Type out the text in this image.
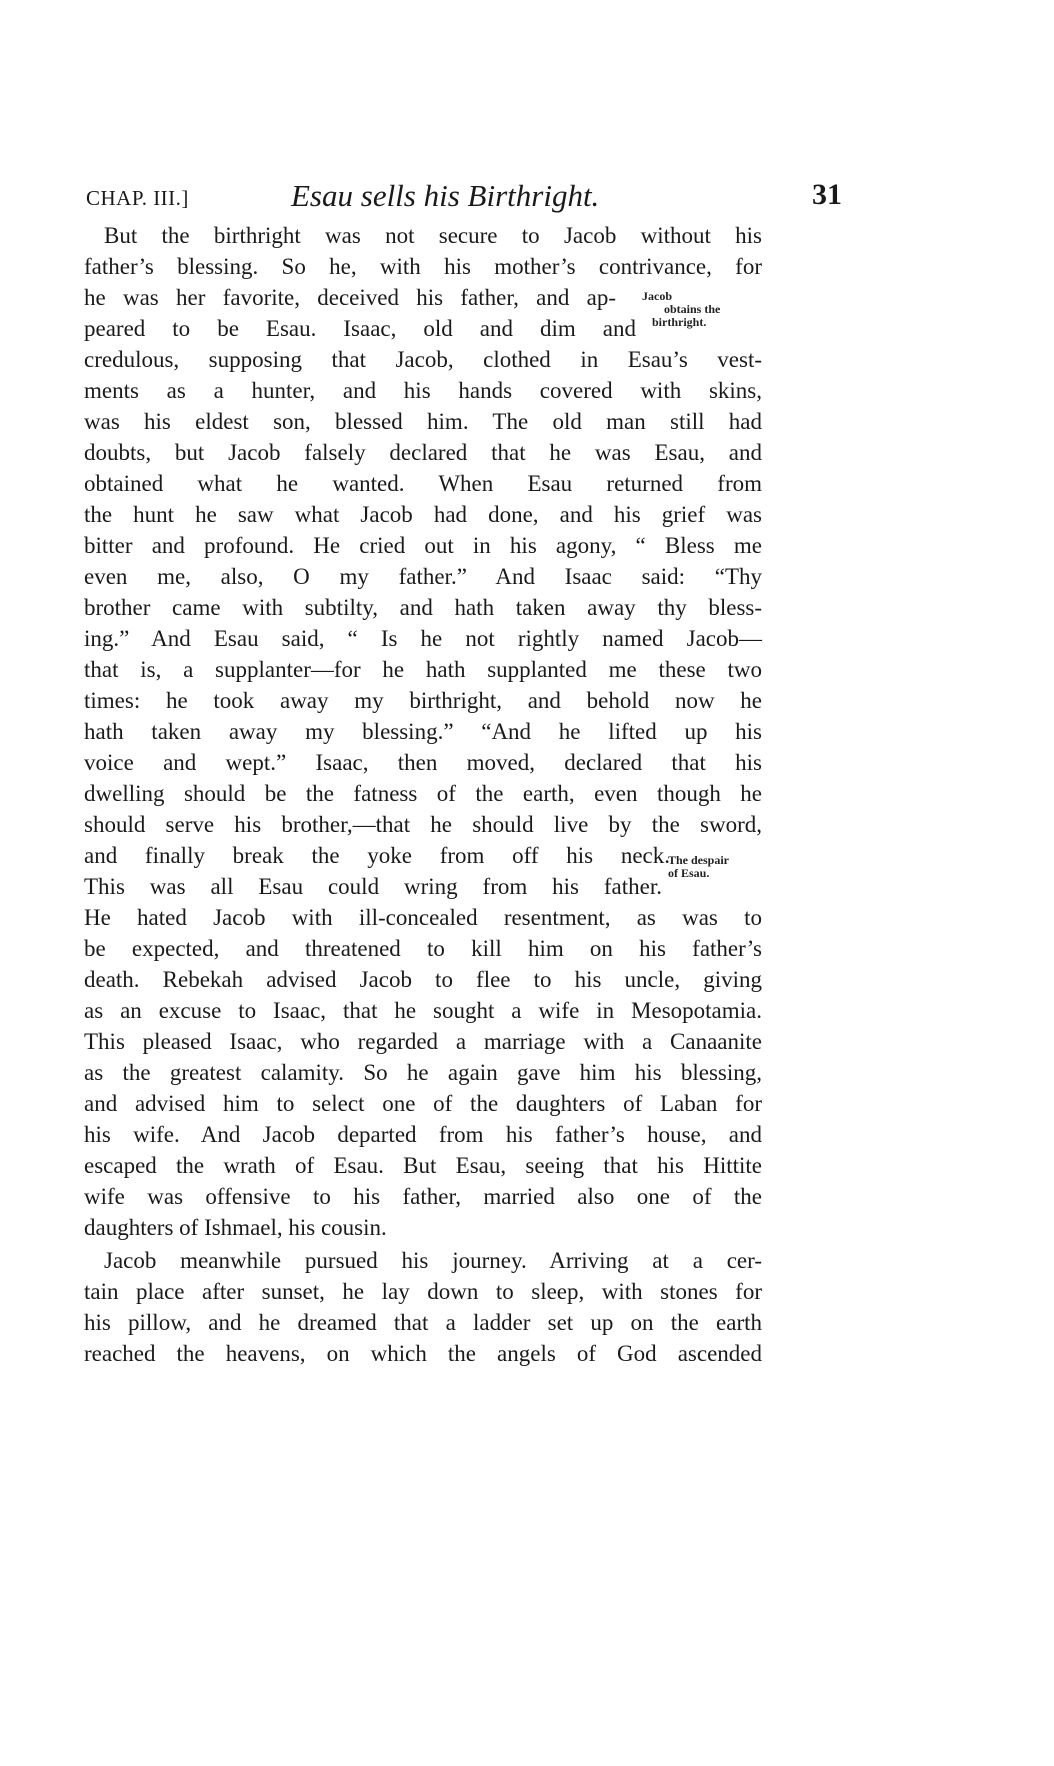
CHAP. III.]	Esau sells his Birthright.	31
But the birthright was not secure to Jacob without his
father’s blessing. So he, with his mother’s contrivance, for
he was her favorite, deceived his father, and ap-
peared to be Esau. Isaac, old and dim and
credulous, supposing that Jacob, clothed in Esau’s vest-
ments as a hunter, and his hands covered with skins,
was his eldest son, blessed him. The old man still had
doubts, but Jacob falsely declared that he was Esau, and
obtained what he wanted. When Esau returned from
the hunt he saw what Jacob had done, and his grief was
bitter and profound. He cried out in his agony, “ Bless me
even me, also, O my father.” And Isaac said: “Thy
brother came with subtilty, and hath taken away thy bless-
ing.” And Esau said, “ Is he not rightly named Jacob—
that is, a supplanter—for he hath supplanted me these two
times: he took away my birthright, and behold now he
hath taken away my blessing.” “And he lifted up his
voice and wept.” Isaac, then moved, declared that his
dwelling should be the fatness of the earth, even though he
should serve his brother,—that he should live by the sword,
and finally break the yoke from off his neck.
This was all Esau could wring from his father.
He hated Jacob with ill-concealed resentment, as was to
be expected, and threatened to kill him on his father’s
death. Rebekah advised Jacob to flee to his uncle, giving
as an excuse to Isaac, that he sought a wife in Mesopotamia.
This pleased Isaac, who regarded a marriage with a Canaanite
as the greatest calamity. So he again gave him his blessing,
and advised him to select one of the daughters of Laban for
his wife. And Jacob departed from his father’s house, and
escaped the wrath of Esau. But Esau, seeing that his Hittite
wife was offensive to his father, married also one of the
daughters of Ishmael, his cousin.
Jacob meanwhile pursued his journey. Arriving at a cer-
tain place after sunset, he lay down to sleep, with stones for
his pillow, and he dreamed that a ladder set up on the earth
reached the heavens, on which the angels of God ascended
Jacob
obtains the
birthright.
The despair
of Esau.
